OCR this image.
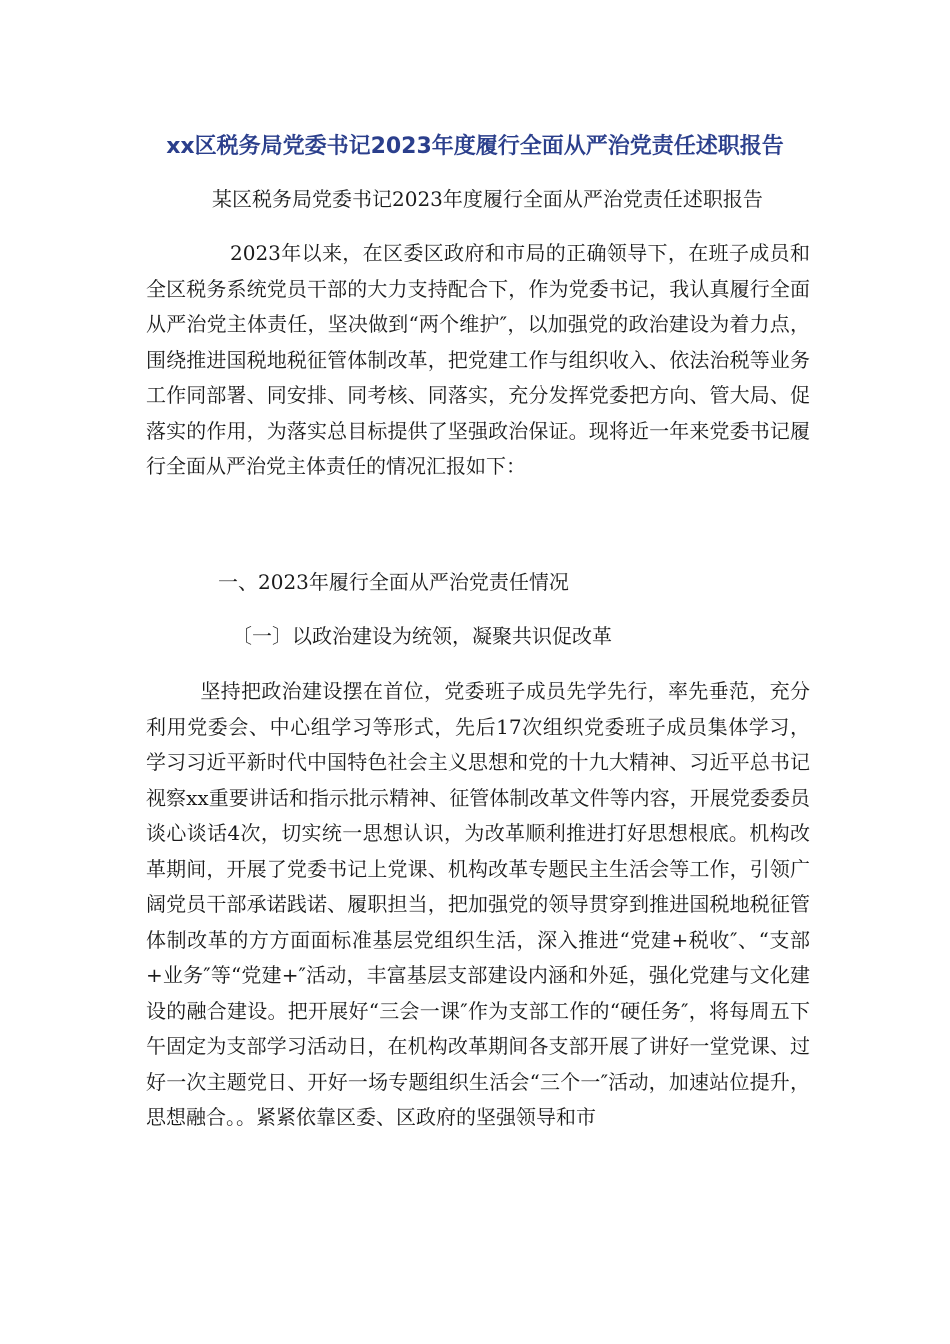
xx区税务局党委书记2023年度履行全面从严治党责任述职报告
某区税务局党委书记2023年度履行全面从严治党责任述职报告

2023年以来，在区委区政府和市局的正确领导下，在班子成员和全区税务系统党员干部的大力支持配合下，作为党委书记，我认真履行全面从严治党主体责任，坚决做到“两个维护″，以加强党的政治建设为着力点，围绕推进国税地税征管体制改革，把党建工作与组织收入、依法治税等业务工作同部署、同安排、同考核、同落实，充分发挥党委把方向、管大局、促落实的作用，为落实总目标提供了坚强政治保证。现将近一年来党委书记履行全面从严治党主体责任的情况汇报如下：

一、2023年履行全面从严治党责任情况
〔一〕以政治建设为统领，凝聚共识促改革

坚持把政治建设摆在首位，党委班子成员先学先行，率先垂范，充分利用党委会、中心组学习等形式，先后17次组织党委班子成员集体学习，学习习近平新时代中国特色社会主义思想和党的十九大精神、习近平总书记视察xx重要讲话和指示批示精神、征管体制改革文件等内容，开展党委委员谈心谈话4次，切实统一思想认识，为改革顺利推进打好思想根底。机构改革期间，开展了党委书记上党课、机构改革专题民主生活会等工作，引领广阔党员干部承诺践诺、履职担当，把加强党的领导贯穿到推进国税地税征管体制改革的方方面面标准基层党组织生活，深入推进“党建+税收″、“支部+业务″等“党建+″活动，丰富基层支部建设内涵和外延，强化党建与文化建设的融合建设。把开展好“三会一课″作为支部工作的“硬任务″，将每周五下午固定为支部学习活动日，在机构改革期间各支部开展了讲好一堂党课、过好一次主题党日、开好一场专题组织生活会“三个一″活动，加速站位提升，思想融合。。紧紧依靠区委、区政府的坚强领导和市
